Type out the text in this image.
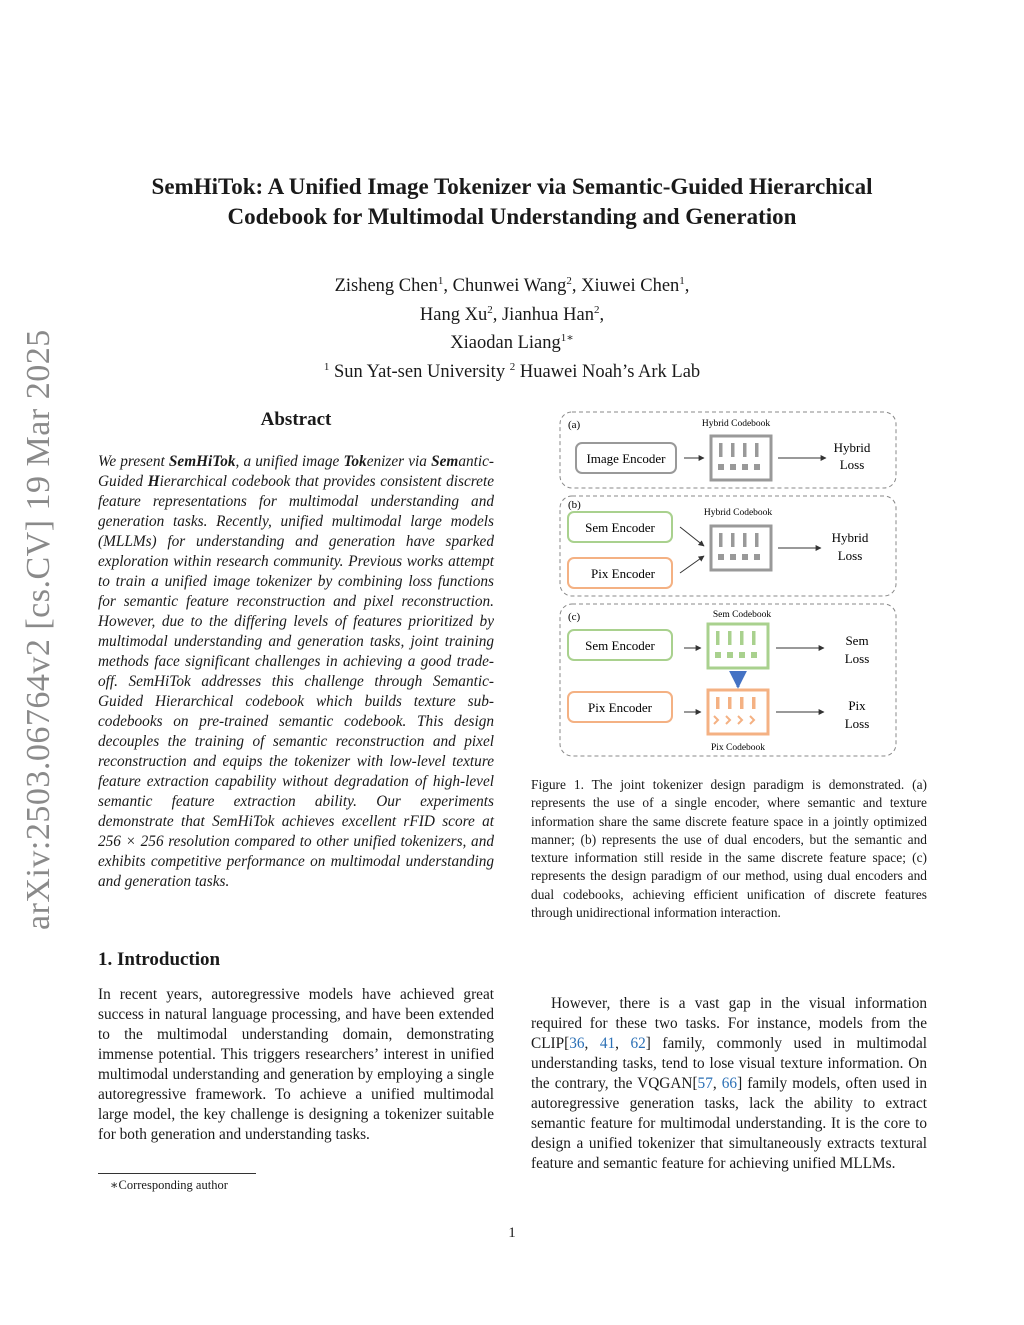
arXiv:2503.06764v2 [cs.CV] 19 Mar 2025
SemHiTok: A Unified Image Tokenizer via Semantic-Guided Hierarchical
Codebook for Multimodal Understanding and Generation
Zisheng Chen$^1$, Chunwei Wang$^2$, Xiuwei Chen$^1$,
Hang Xu$^2$, Jianhua Han$^2$,
Xiaodan Liang$^{1∗}$
$^1$ Sun Yat-sen University $^2$ Huawei Noah’s Ark Lab
Abstract
We present SemHiTok, a unified image Tokenizer via Semantic-Guided Hierarchical codebook that provides consistent discrete feature representations for multimodal understanding and generation tasks. Recently, unified multimodal large models (MLLMs) for understanding and generation have sparked exploration within research community. Previous works attempt to train a unified image tokenizer by combining loss functions for semantic feature reconstruction and pixel reconstruction. However, due to the differing levels of features prioritized by multimodal understanding and generation tasks, joint training methods face significant challenges in achieving a good trade-off. SemHiTok addresses this challenge through Semantic-Guided Hierarchical codebook which builds texture sub-codebooks on pre-trained semantic codebook. This design decouples the training of semantic reconstruction and pixel reconstruction and equips the tokenizer with low-level texture feature extraction capability without degradation of high-level semantic feature extraction ability. Our experiments demonstrate that SemHiTok achieves excellent rFID score at 256 × 256 resolution compared to other unified tokenizers, and exhibits competitive performance on multimodal understanding and generation tasks.
1. Introduction
In recent years, autoregressive models have achieved great success in natural language processing, and have been extended to the multimodal understanding domain, demonstrating immense potential. This triggers researchers’ interest in unified multimodal understanding and generation by employing a single autoregressive framework. To achieve a unified multimodal large model, the key challenge is designing a tokenizer suitable for both generation and understanding tasks.
∗Corresponding author
(a)	Hybrid Codebook
Image Encoder
Hybrid
Loss
(b)
Hybrid Codebook
Sem Encoder
Pix Encoder
Hybrid
Loss
(c)	Sem Codebook
Sem Encoder
Pix Encoder
Sem
Loss
Pix
Loss
Pix Codebook
Figure 1. The joint tokenizer design paradigm is demonstrated. (a) represents the use of a single encoder, where semantic and texture information share the same discrete feature space in a jointly optimized manner; (b) represents the use of dual encoders, but the semantic and texture information still reside in the same discrete feature space; (c) represents the design paradigm of our method, using dual encoders and dual codebooks, achieving efficient unification of discrete features through unidirectional information interaction.
However, there is a vast gap in the visual information required for these two tasks. For instance, models from the CLIP[36, 41, 62] family, commonly used in multimodal understanding tasks, tend to lose visual texture information. On the contrary, the VQGAN[57, 66] family models, often used in autoregressive generation tasks, lack the ability to extract semantic feature for multimodal understanding. It is the core to design a unified tokenizer that simultaneously extracts textural feature and semantic feature for achieving unified MLLMs.
1
